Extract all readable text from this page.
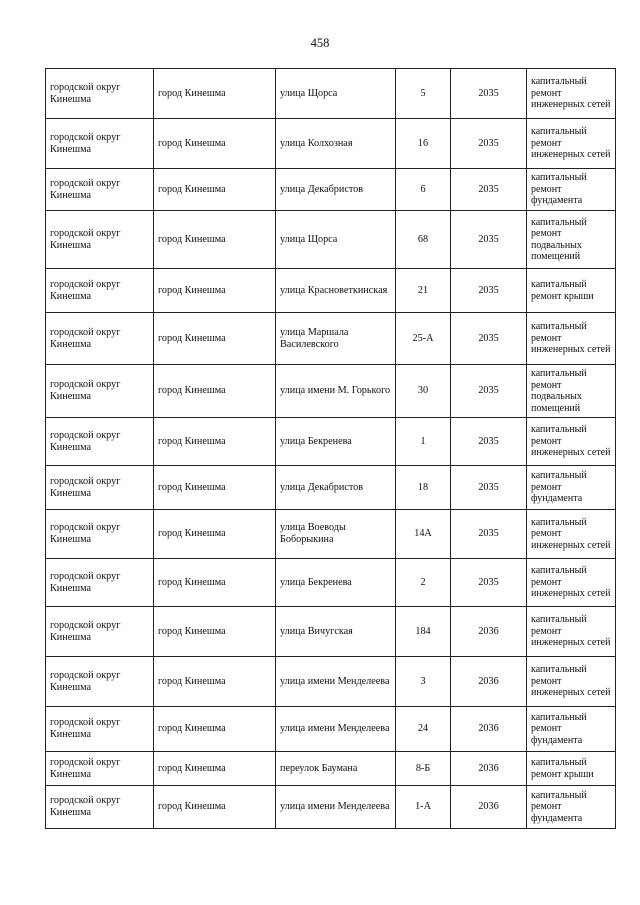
458
городской округ Кинешма	город Кинешма	улица Щорса	5	2035	капитальный ремонт инженерных сетей
городской округ Кинешма	город Кинешма	улица Колхозная	16	2035	капитальный ремонт инженерных сетей
городской округ Кинешма	город Кинешма	улица Декабристов	6	2035	капитальный ремонт фундамента
городской округ Кинешма	город Кинешма	улица Щорса	68	2035	капитальный ремонт подвальных помещений
городской округ Кинешма	город Кинешма	улица Красноветкинская	21	2035	капитальный ремонт крыши
городской округ Кинешма	город Кинешма	улица Маршала Василевского	25-А	2035	капитальный ремонт инженерных сетей
городской округ Кинешма	город Кинешма	улица имени М. Горького	30	2035	капитальный ремонт подвальных помещений
городской округ Кинешма	город Кинешма	улица Бекренева	1	2035	капитальный ремонт инженерных сетей
городской округ Кинешма	город Кинешма	улица Декабристов	18	2035	капитальный ремонт фундамента
городской округ Кинешма	город Кинешма	улица Воеводы Боборыкина	14А	2035	капитальный ремонт инженерных сетей
городской округ Кинешма	город Кинешма	улица Бекренева	2	2035	капитальный ремонт инженерных сетей
городской округ Кинешма	город Кинешма	улица Вичугская	184	2036	капитальный ремонт инженерных сетей
городской округ Кинешма	город Кинешма	улица имени Менделеева	3	2036	капитальный ремонт инженерных сетей
городской округ Кинешма	город Кинешма	улица имени Менделеева	24	2036	капитальный ремонт фундамента
городской округ Кинешма	город Кинешма	переулок Баумана	8-Б	2036	капитальный ремонт крыши
городской округ Кинешма	город Кинешма	улица имени Менделеева	1-А	2036	капитальный ремонт фундамента
